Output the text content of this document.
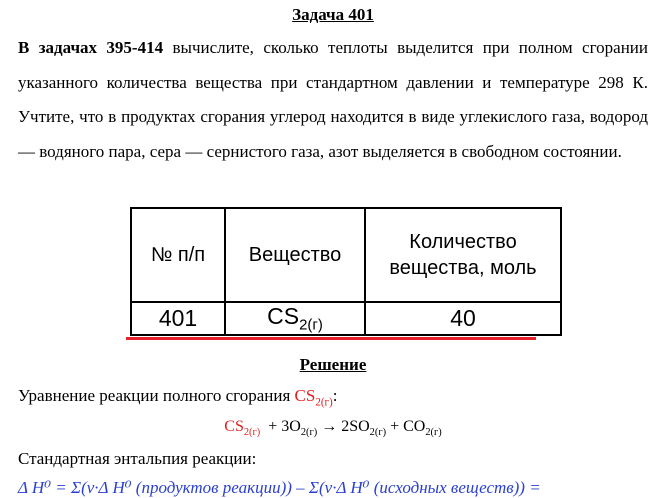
Задача 401
В задачах 395-414 вычислите, сколько теплоты выделится при полном сгорании указанного количества вещества при стандартном давлении и температуре 298 К. Учтите, что в продуктах сгорания углерод находится в виде углекислого газа, водород — водяного пара, сера — сернистого газа, азот выделяется в свободном состоянии.
№ п/п	Вещество	Количество вещества, моль
401	$CS_{2(г)}$	40
Решение
Уравнение реакции полного сгорания $CS_{2(г)}$:
$CS_{2(г)} + 3O_{2(г)} \to 2SO_{2(г)} + CO_{2(г)}$
Стандартная энтальпия реакции:
Δ H⁰ = Σ(ν·Δ H⁰ (продуктов реакции)) – Σ(ν·Δ H⁰ (исходных веществ)) =
